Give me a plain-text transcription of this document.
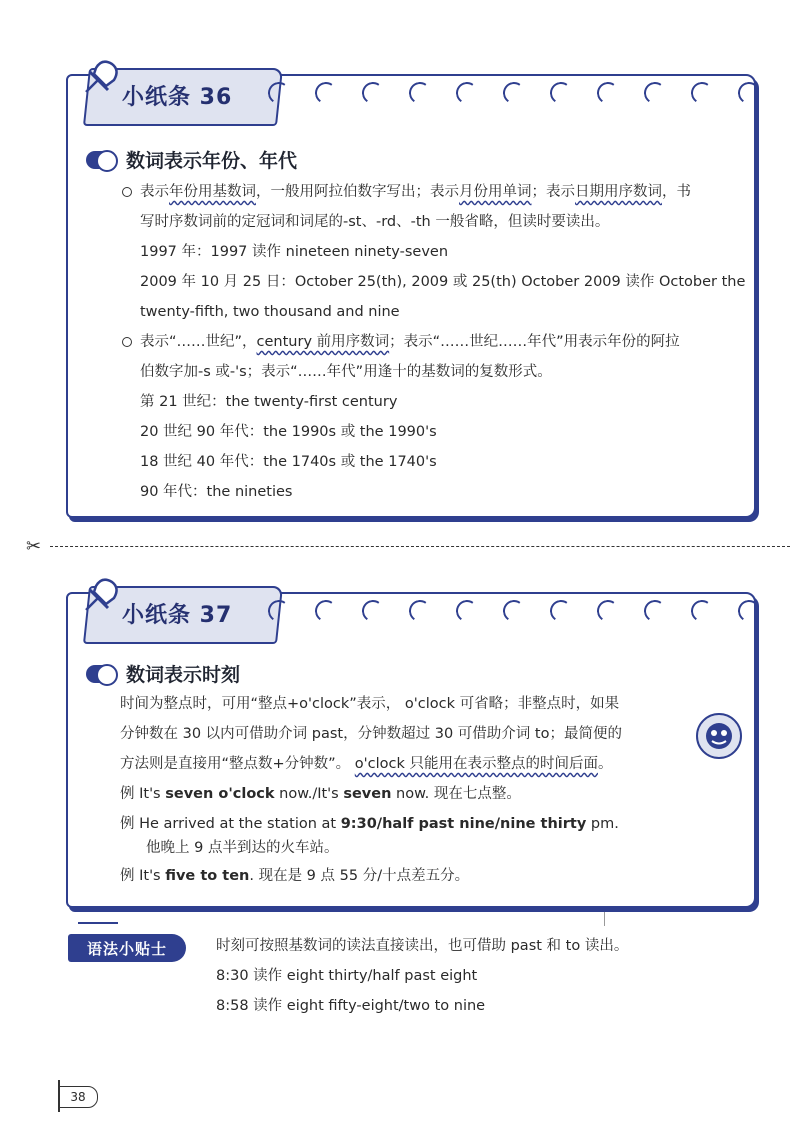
小纸条 36
数词表示年份、年代
表示年份用基数词，一般用阿拉伯数字写出；表示月份用单词；表示日期用序数词，书
写时序数词前的定冠词和词尾的-st、-rd、-th 一般省略，但读时要读出。
1997 年：1997 读作 nineteen ninety-seven
2009 年 10 月 25 日：October 25(th), 2009 或 25(th) October 2009 读作 October the
twenty-fifth, two thousand and nine
表示“……世纪”，century 前用序数词；表示“……世纪……年代”用表示年份的阿拉
伯数字加-s 或-'s；表示“……年代”用逢十的基数词的复数形式。
第 21 世纪：the twenty-first century
20 世纪 90 年代：the 1990s 或 the 1990's
18 世纪 40 年代：the 1740s 或 the 1740's
90 年代：the nineties
✂
小纸条 37
数词表示时刻
时间为整点时，可用“整点+o'clock”表示， o'clock 可省略；非整点时，如果
分钟数在 30 以内可借助介词 past，分钟数超过 30 可借助介词 to；最简便的
方法则是直接用“整点数+分钟数”。 o'clock 只能用在表示整点的时间后面。
例 It's seven o'clock now./It's seven now. 现在七点整。
例 He arrived at the station at 9:30/half past nine/nine thirty pm.
他晚上 9 点半到达的火车站。
例 It's five to ten. 现在是 9 点 55 分/十点差五分。
语法小贴士	时刻可按照基数词的读法直接读出，也可借助 past 和 to 读出。
8:30 读作 eight thirty/half past eight
8:58 读作 eight fifty-eight/two to nine
38
